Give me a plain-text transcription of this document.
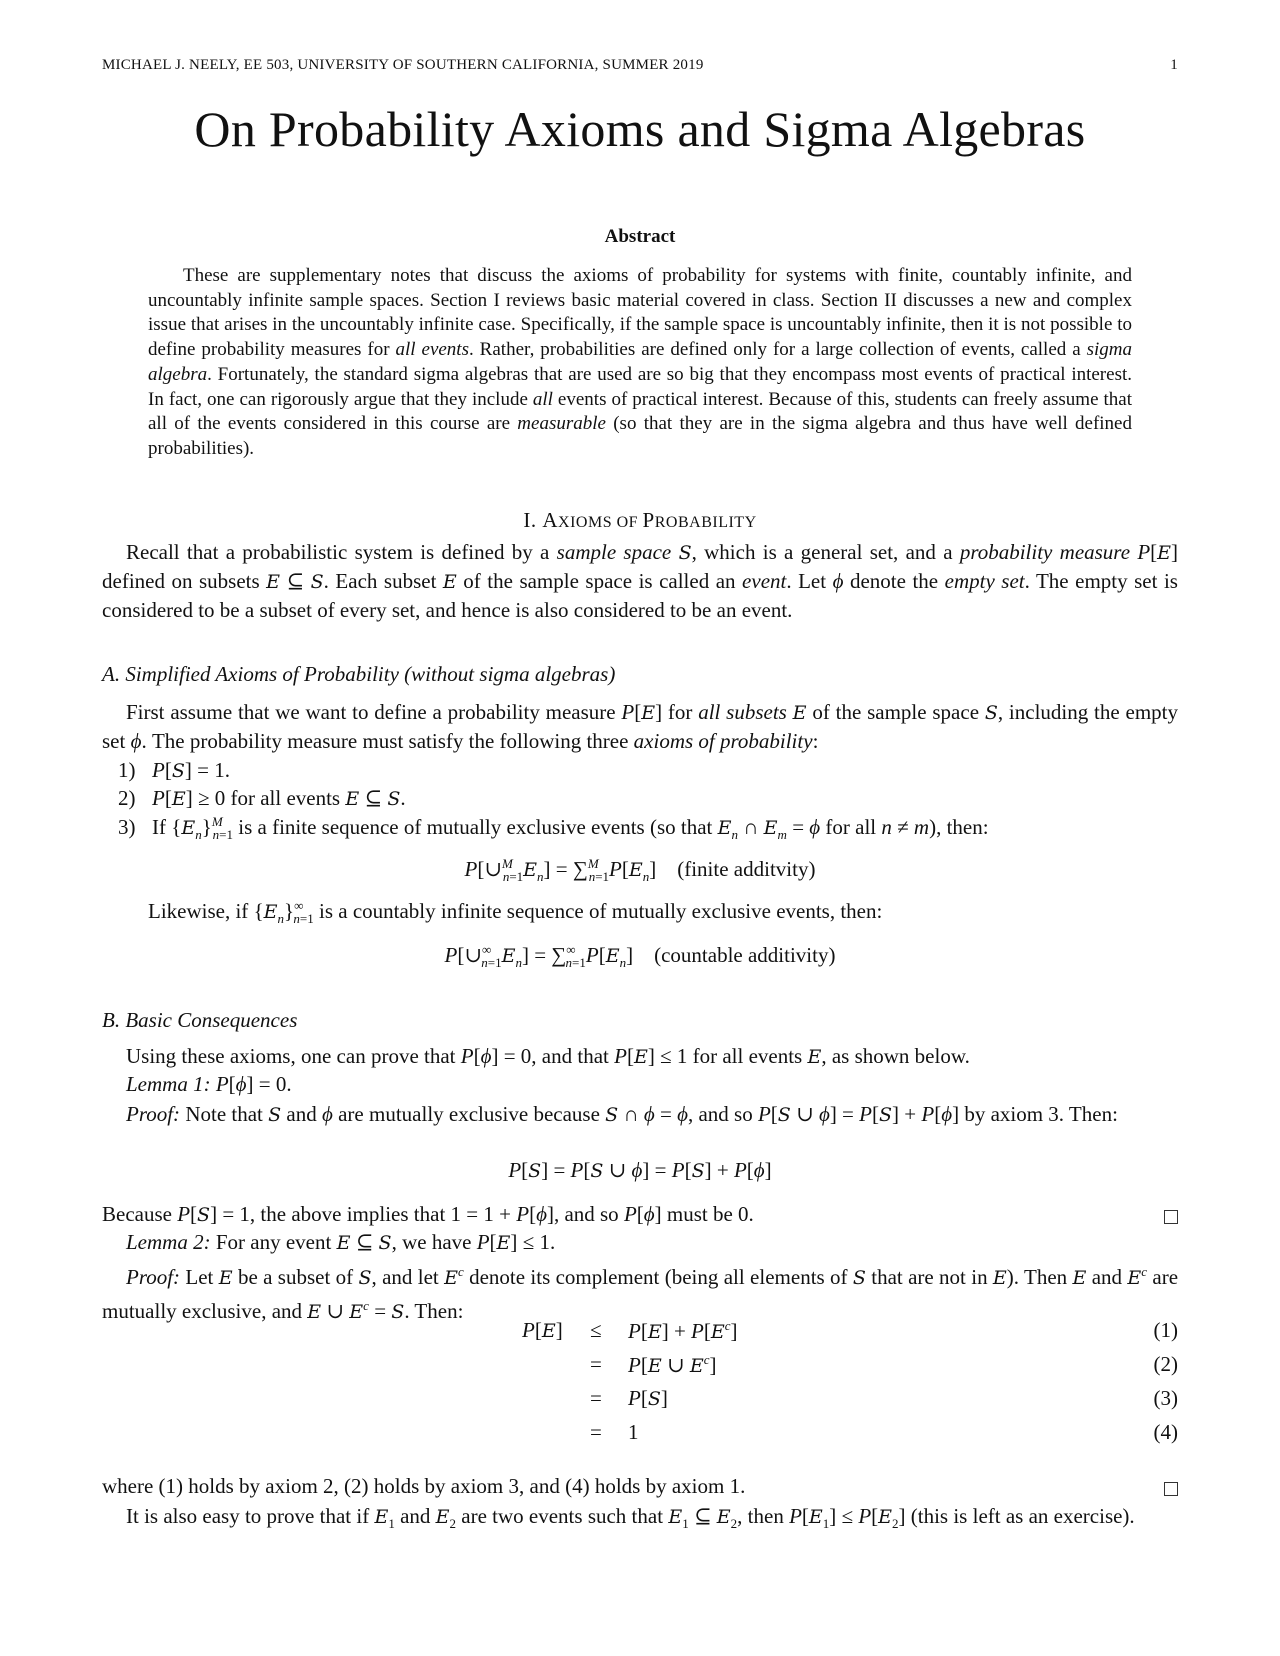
MICHAEL J. NEELY, EE 503, UNIVERSITY OF SOUTHERN CALIFORNIA, SUMMER 2019	1
On Probability Axioms and Sigma Algebras
Abstract

These are supplementary notes that discuss the axioms of probability for systems with finite, countably infinite, and uncountably infinite sample spaces. Section I reviews basic material covered in class. Section II discusses a new and complex issue that arises in the uncountably infinite case. Specifically, if the sample space is uncountably infinite, then it is not possible to define probability measures for all events. Rather, probabilities are defined only for a large collection of events, called a sigma algebra. Fortunately, the standard sigma algebras that are used are so big that they encompass most events of practical interest. In fact, one can rigorously argue that they include all events of practical interest. Because of this, students can freely assume that all of the events considered in this course are measurable (so that they are in the sigma algebra and thus have well defined probabilities).

I. AXIOMS OF PROBABILITY

Recall that a probabilistic system is defined by a sample space S, which is a general set, and a probability measure P[E] defined on subsets E ⊆ S. Each subset E of the sample space is called an event. Let ϕ denote the empty set. The empty set is considered to be a subset of every set, and hence is also considered to be an event.

A. Simplified Axioms of Probability (without sigma algebras)

First assume that we want to define a probability measure P[E] for all subsets E of the sample space S, including the empty set ϕ. The probability measure must satisfy the following three axioms of probability:

1) P[S] = 1.
2) P[E] ≥ 0 for all events E ⊆ S.
3) If $\{E_n\}^M_{n=1}$ is a finite sequence of mutually exclusive events (so that $E_n$ ∩ $E_m = \phi$ for all n ≠ m), then:
$P[\cup^M_{n=1}E_n] = \sum^M_{n=1}P[E_n]$    (finite additvity)
Likewise, if $\{E_n\}^\infty_{n=1}$ is a countably infinite sequence of mutually exclusive events, then:
$P[\cup^\infty_{n=1}E_n] = \sum^\infty_{n=1}P[E_n]$    (countable additivity)
B. Basic Consequences
Using these axioms, one can prove that P[ϕ] = 0, and that P[E] ≤ 1 for all events E, as shown below.
Lemma 1: P[ϕ] = 0.

Proof: Note that S and ϕ are mutually exclusive because S ∩ ϕ = ϕ, and so P[S ∪ ϕ] = P[S] + P[ϕ] by axiom 3. Then:

P[S] = P[S ∪ ϕ] = P[S] + P[ϕ]
Because P[S] = 1, the above implies that 1 = 1 + P[ϕ], and so P[ϕ] must be 0.
Lemma 2: For any event E ⊆ S, we have P[E] ≤ 1.

Proof: Let E be a subset of S, and let $E^c$ denote its complement (being all elements of S that are not in E). Then E and $E^c$ are mutually exclusive, and E ∪ $E^c = S$. Then:

$P[E] \le P[E] + P[E^c]$	(1)
= P[E ∪ $E^c$]	(2)
= P[S]	(3)
= 1	(4)
where (1) holds by axiom 2, (2) holds by axiom 3, and (4) holds by axiom 1.

It is also easy to prove that if $E_1$ and $E_2$ are two events such that $E_1$ ⊆ $E_2$, then $P[E_1] \le P[E_2]$ (this is left as an exercise).
